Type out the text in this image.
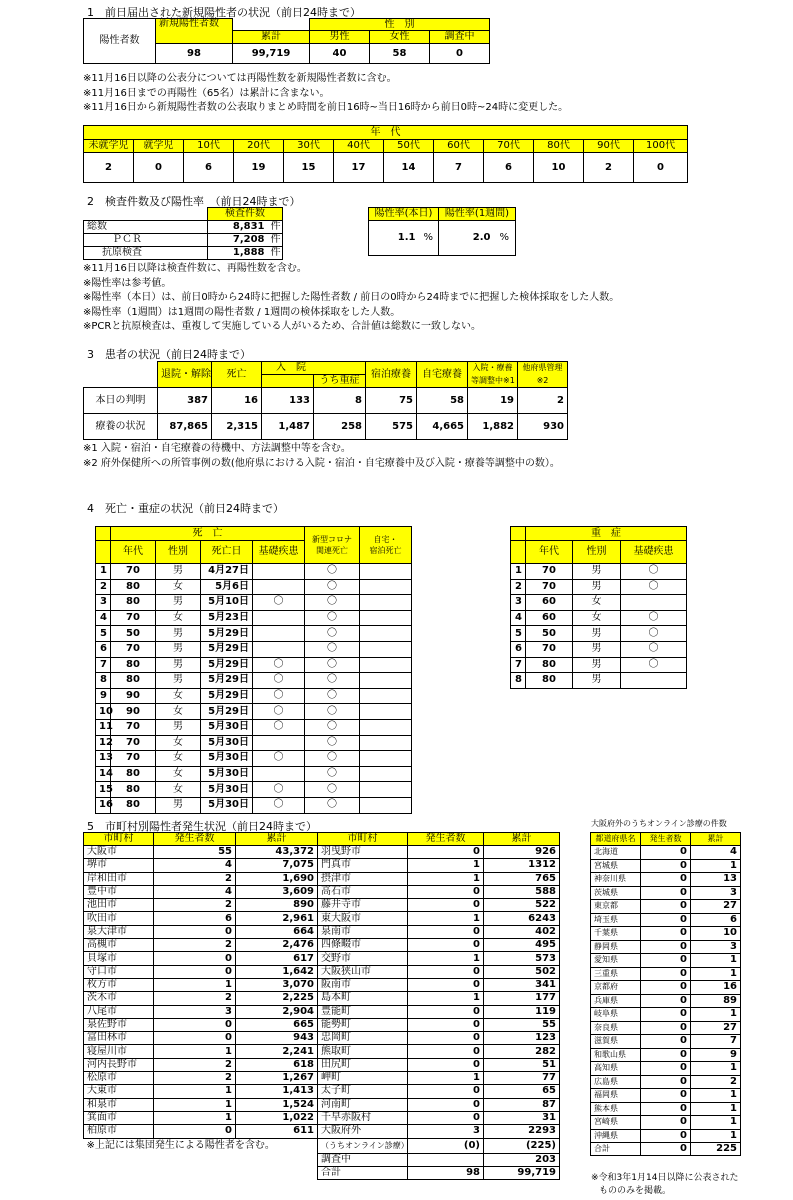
1　前日届出された新規陽性者の状況（前日24時まで）
陽性者数	新規陽性者数		性　別		
		累計	男性	女性	調査中
	98	99,719	40	58	0
※11月16日以降の公表分については再陽性数を新規陽性者数に含む。
※11月16日までの再陽性（65名）は累計に含まない。
※11月16日から新規陽性者数の公表取りまとめ時間を前日16時~当日16時から前日0時~24時に変更した。
年　代											
未就学児	就学児	10代	20代	30代	40代	50代	60代	70代	80代	90代	100代
2	0	6	19	15	17	14	7	6	10	2	0
2　検査件数及び陽性率　（前日24時まで）
	検査件数	
総数	8,831	件
ＰＣＲ	7,208	件
抗原検査	1,888	件
陽性率(本日)		陽性率(1週間)	
1.1	%	2.0	%
※11月16日以降は検査件数に、再陽性数を含む。
※陽性率は参考値。
※陽性率（本日）は、前日0時から24時に把握した陽性者数 / 前日の0時から24時までに把握した検体採取をした人数。
※陽性率（1週間）は1週間の陽性者数 / 1週間の検体採取をした人数。
※PCRと抗原検査は、重複して実施している人がいるため、合計値は総数に一致しない。
3　患者の状況（前日24時まで）
	退院・解除	死亡	入　院		宿泊療養	自宅療養	入院・療養	他府県管理
				うち重症			等調整中※1	※2
本日の判明	387	16	133	8	75	58	19	2
療養の状況	87,865	2,315	1,487	258	575	4,665	1,882	930
※1 入院・宿泊・自宅療養の待機中、方法調整中等を含む。
※2 府外保健所への所管事例の数(他府県における入院・宿泊・自宅療養中及び入院・療養等調整中の数）。
4　死亡・重症の状況（前日24時まで）
	死　亡				新型コロナ
関連死亡	自宅・
宿泊死亡
	年代	性別	死亡日	基礎疾患		
1	70	男	4月27日		〇	
2	80	女	5月6日		〇	
3	80	男	5月10日	〇	〇	
4	70	女	5月23日		〇	
5	50	男	5月29日		〇	
6	70	男	5月29日		〇	
7	80	男	5月29日	〇	〇	
8	80	男	5月29日	〇	〇	
9	90	女	5月29日	〇	〇	
10	90	女	5月29日	〇	〇	
11	70	男	5月30日	〇	〇	
12	70	女	5月30日		〇	
13	70	女	5月30日	〇	〇	
14	80	女	5月30日		〇	
15	80	女	5月30日	〇	〇	
16	80	男	5月30日	〇	〇	
	重　症		
	年代	性別	基礎疾患
1	70	男	〇
2	70	男	〇
3	60	女	
4	60	女	〇
5	50	男	〇
6	70	男	〇
7	80	男	〇
8	80	男	
5　市町村別陽性者発生状況（前日24時まで）
市町村	発生者数	累計	市町村	発生者数	累計
大阪市	55	43,372	羽曳野市	0	926
堺市	4	7,075	門真市	1	1312
岸和田市	2	1,690	摂津市	1	765
豊中市	4	3,609	高石市	0	588
池田市	2	890	藤井寺市	0	522
吹田市	6	2,961	東大阪市	1	6243
泉大津市	0	664	泉南市	0	402
高槻市	2	2,476	四條畷市	0	495
貝塚市	0	617	交野市	1	573
守口市	0	1,642	大阪狭山市	0	502
枚方市	1	3,070	阪南市	0	341
茨木市	2	2,225	島本町	1	177
八尾市	3	2,904	豊能町	0	119
泉佐野市	0	665	能勢町	0	55
富田林市	0	943	忠岡町	0	123
寝屋川市	1	2,241	熊取町	0	282
河内長野市	2	618	田尻町	0	51
松原市	2	1,267	岬町	1	77
大東市	1	1,413	太子町	0	65
和泉市	1	1,524	河南町	0	87
箕面市	1	1,022	千早赤阪村	0	31
柏原市	0	611	大阪府外	3	2293
※上記には集団発生による陽性者を含む。			（うちオンライン診療）	(0)	(225)
			調査中		203
			合計	98	99,719
大阪府外のうちオンライン診療の件数
都道府県名	発生者数	累計
北海道	0	4
宮城県	0	1
神奈川県	0	13
茨城県	0	3
東京都	0	27
埼玉県	0	6
千葉県	0	10
静岡県	0	3
愛知県	0	1
三重県	0	1
京都府	0	16
兵庫県	0	89
岐阜県	0	1
奈良県	0	27
滋賀県	0	7
和歌山県	0	9
高知県	0	1
広島県	0	2
福岡県	0	1
熊本県	0	1
宮崎県	0	1
沖縄県	0	1
合計	0	225
※令和3年1月14日以降に公表された
もののみを掲載。
